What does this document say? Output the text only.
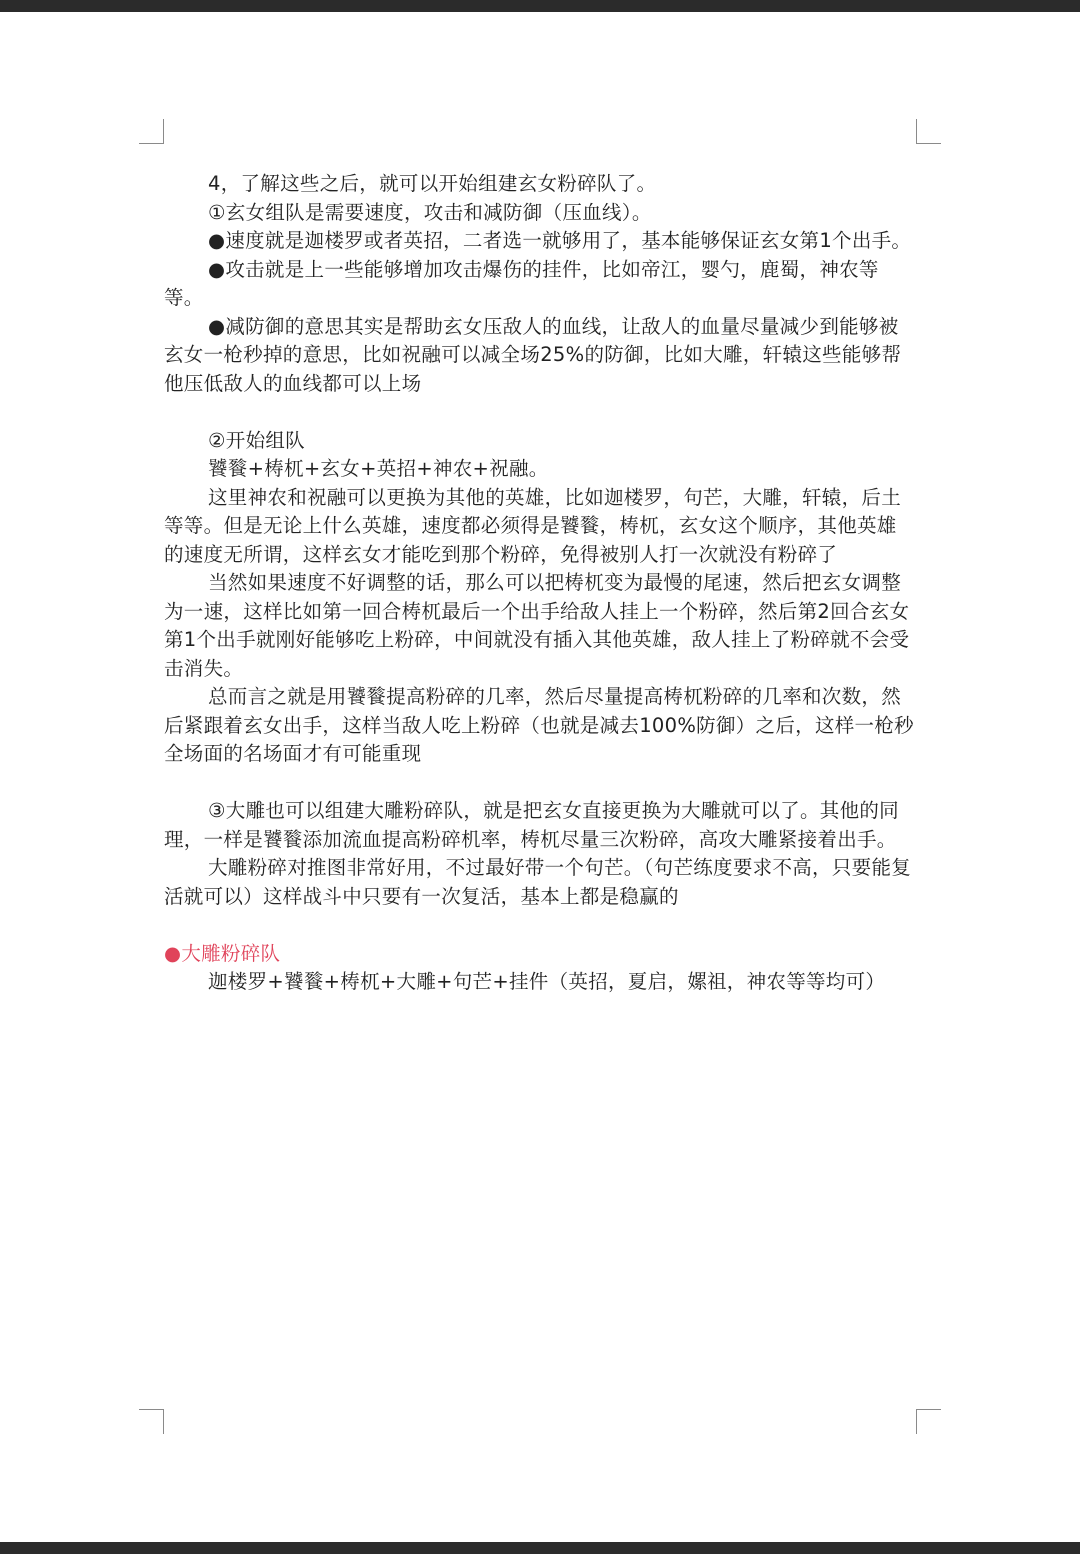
4，了解这些之后，就可以开始组建玄女粉碎队了。

①玄女组队是需要速度，攻击和减防御（压血线）。

●速度就是迦楼罗或者英招，二者选一就够用了，基本能够保证玄女第1个出手。

●攻击就是上一些能够增加攻击爆伤的挂件，比如帝江，婴勺，鹿蜀，神农等等。

●减防御的意思其实是帮助玄女压敌人的血线，让敌人的血量尽量减少到能够被玄女一枪秒掉的意思，比如祝融可以减全场25%的防御，比如大雕，轩辕这些能够帮他压低敌人的血线都可以上场

②开始组队

饕餮+梼杌+玄女+英招+神农+祝融。

这里神农和祝融可以更换为其他的英雄，比如迦楼罗，句芒，大雕，轩辕，后土等等。但是无论上什么英雄，速度都必须得是饕餮，梼杌，玄女这个顺序，其他英雄的速度无所谓，这样玄女才能吃到那个粉碎，免得被别人打一次就没有粉碎了

当然如果速度不好调整的话，那么可以把梼杌变为最慢的尾速，然后把玄女调整为一速，这样比如第一回合梼杌最后一个出手给敌人挂上一个粉碎，然后第2回合玄女第1个出手就刚好能够吃上粉碎，中间就没有插入其他英雄，敌人挂上了粉碎就不会受击消失。

总而言之就是用饕餮提高粉碎的几率，然后尽量提高梼杌粉碎的几率和次数，然后紧跟着玄女出手，这样当敌人吃上粉碎（也就是减去100%防御）之后，这样一枪秒全场面的名场面才有可能重现

③大雕也可以组建大雕粉碎队，就是把玄女直接更换为大雕就可以了。其他的同理，一样是饕餮添加流血提高粉碎机率，梼杌尽量三次粉碎，高攻大雕紧接着出手。

大雕粉碎对推图非常好用，不过最好带一个句芒。（句芒练度要求不高，只要能复活就可以）这样战斗中只要有一次复活，基本上都是稳赢的

●大雕粉碎队

迦楼罗+饕餮+梼杌+大雕+句芒+挂件（英招，夏启，嫘祖，神农等等均可）
